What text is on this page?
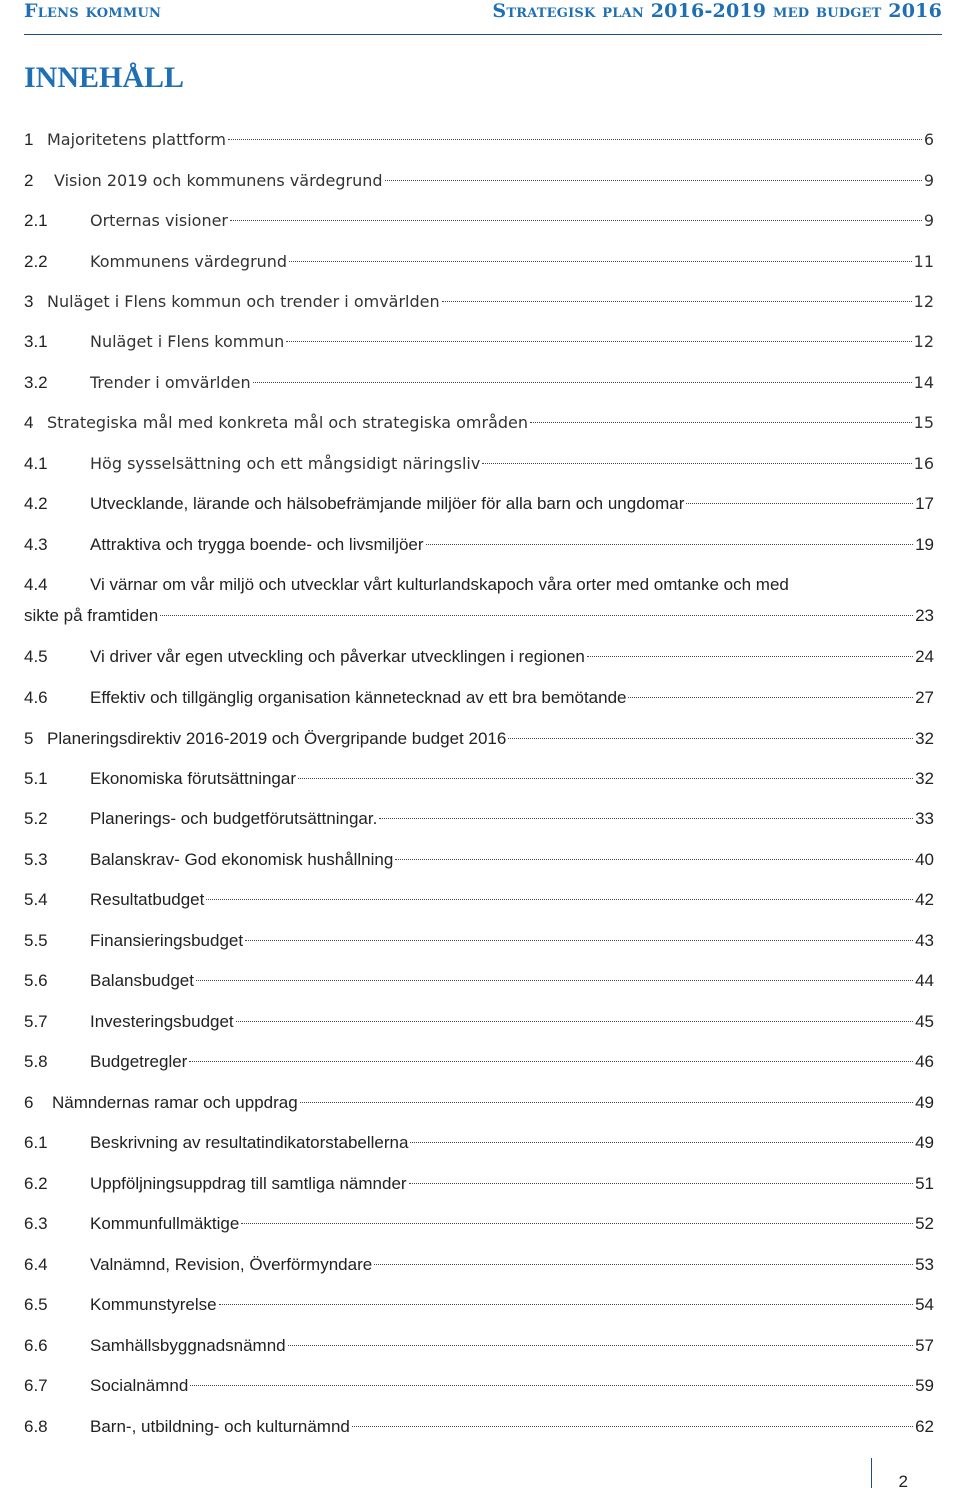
Flens kommun	Strategisk plan 2016-2019 med budget 2016
INNEHÅLL
1 Majoritetens plattform	6
2 Vision 2019 och kommunens värdegrund	9
2.1	Orternas visioner	9
2.2	Kommunens värdegrund	11
3 Nuläget i Flens kommun och trender i omvärlden	12
3.1	Nuläget i Flens kommun	12
3.2	Trender i omvärlden	14
4 Strategiska mål med konkreta mål och strategiska områden	15
4.1	Hög sysselsättning och ett mångsidigt näringsliv	16
4.2 Utvecklande, lärande och hälsobefrämjande miljöer för alla barn och ungdomar	17
4.3 Attraktiva och trygga boende- och livsmiljöer	19
4.4 Vi värnar om vår miljö och utvecklar vårt kulturlandskapoch våra orter med omtanke och med
sikte på framtiden	23
4.5 Vi driver vår egen utveckling och påverkar utvecklingen i regionen	24
4.6 Effektiv och tillgänglig organisation kännetecknad av ett bra bemötande	27
5 Planeringsdirektiv 2016-2019 och Övergripande budget 2016	32
5.1 Ekonomiska förutsättningar	32
5.2 Planerings- och budgetförutsättningar.	33
5.3 Balanskrav- God ekonomisk hushållning	40
5.4 Resultatbudget	42
5.5 Finansieringsbudget	43
5.6 Balansbudget	44
5.7 Investeringsbudget	45
5.8 Budgetregler	46
6 Nämndernas ramar och uppdrag	49
6.1 Beskrivning av resultatindikatorstabellerna	49
6.2 Uppföljningsuppdrag till samtliga nämnder	51
6.3 Kommunfullmäktige	52
6.4 Valnämnd, Revision, Överförmyndare	53
6.5 Kommunstyrelse	54
6.6 Samhällsbyggnadsnämnd	57
6.7 Socialnämnd	59
6.8 Barn-, utbildning- och kulturnämnd	62
2
